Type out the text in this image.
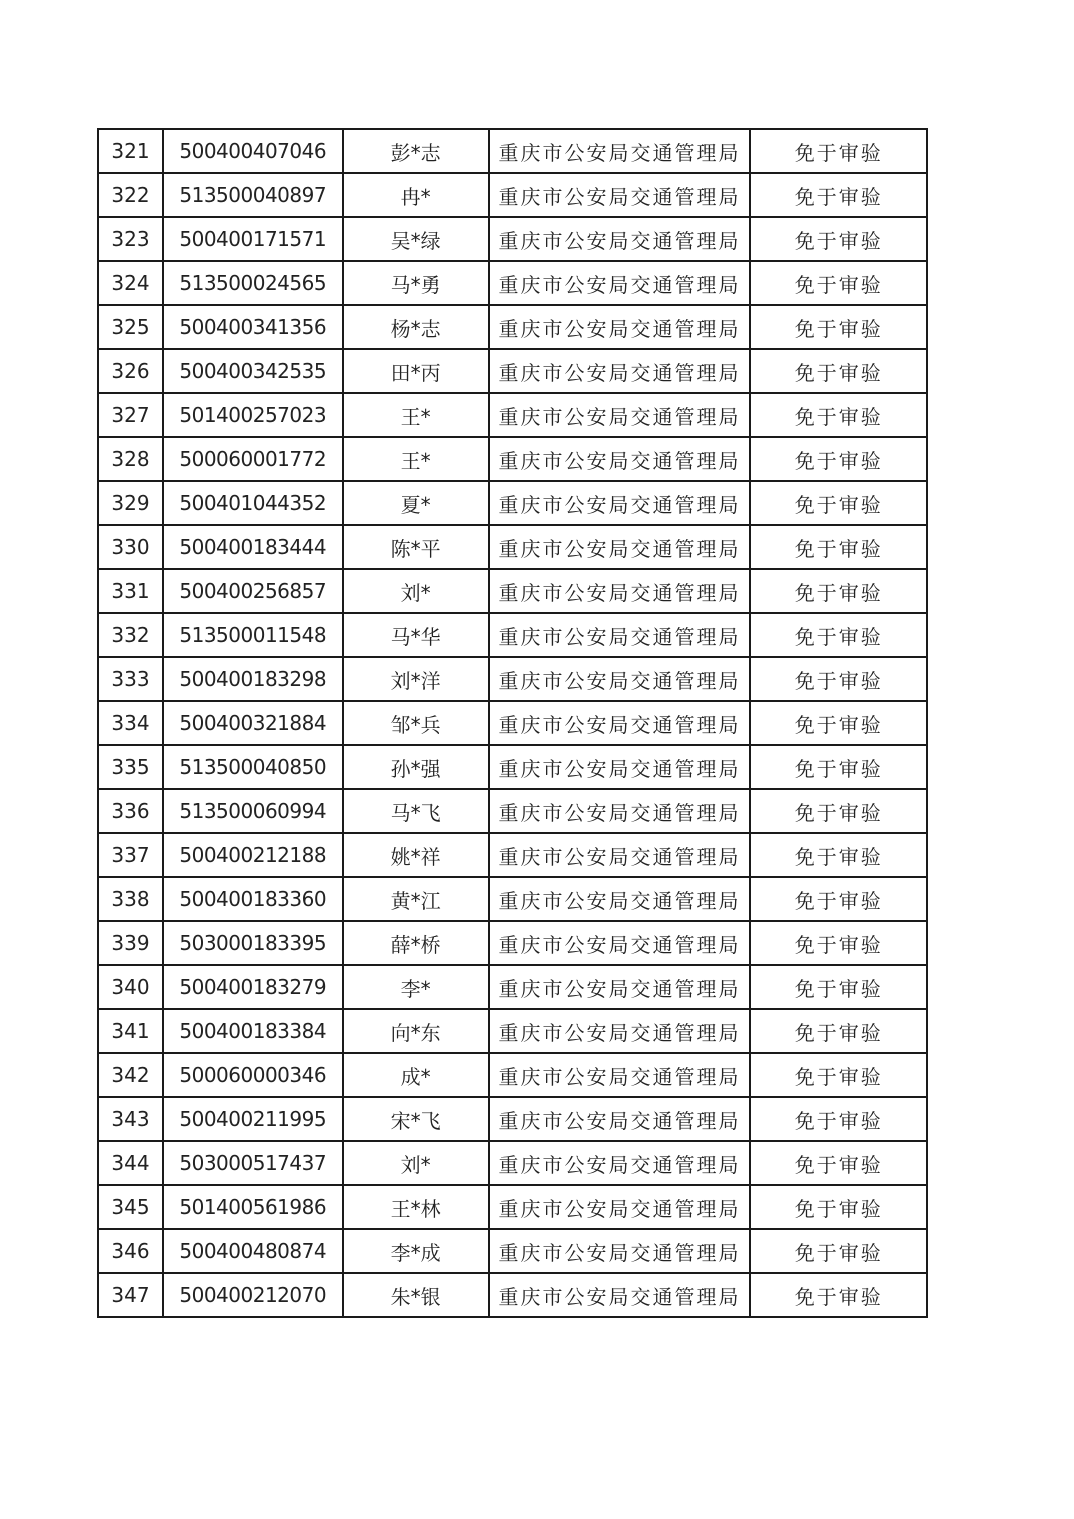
321	500400407046	彭*志	重庆市公安局交通管理局	免于审验
322	513500040897	冉*	重庆市公安局交通管理局	免于审验
323	500400171571	吴*绿	重庆市公安局交通管理局	免于审验
324	513500024565	马*勇	重庆市公安局交通管理局	免于审验
325	500400341356	杨*志	重庆市公安局交通管理局	免于审验
326	500400342535	田*丙	重庆市公安局交通管理局	免于审验
327	501400257023	王*	重庆市公安局交通管理局	免于审验
328	500060001772	王*	重庆市公安局交通管理局	免于审验
329	500401044352	夏*	重庆市公安局交通管理局	免于审验
330	500400183444	陈*平	重庆市公安局交通管理局	免于审验
331	500400256857	刘*	重庆市公安局交通管理局	免于审验
332	513500011548	马*华	重庆市公安局交通管理局	免于审验
333	500400183298	刘*洋	重庆市公安局交通管理局	免于审验
334	500400321884	邹*兵	重庆市公安局交通管理局	免于审验
335	513500040850	孙*强	重庆市公安局交通管理局	免于审验
336	513500060994	马*飞	重庆市公安局交通管理局	免于审验
337	500400212188	姚*祥	重庆市公安局交通管理局	免于审验
338	500400183360	黄*江	重庆市公安局交通管理局	免于审验
339	503000183395	薛*桥	重庆市公安局交通管理局	免于审验
340	500400183279	李*	重庆市公安局交通管理局	免于审验
341	500400183384	向*东	重庆市公安局交通管理局	免于审验
342	500060000346	成*	重庆市公安局交通管理局	免于审验
343	500400211995	宋*飞	重庆市公安局交通管理局	免于审验
344	503000517437	刘*	重庆市公安局交通管理局	免于审验
345	501400561986	王*林	重庆市公安局交通管理局	免于审验
346	500400480874	李*成	重庆市公安局交通管理局	免于审验
347	500400212070	朱*银	重庆市公安局交通管理局	免于审验
